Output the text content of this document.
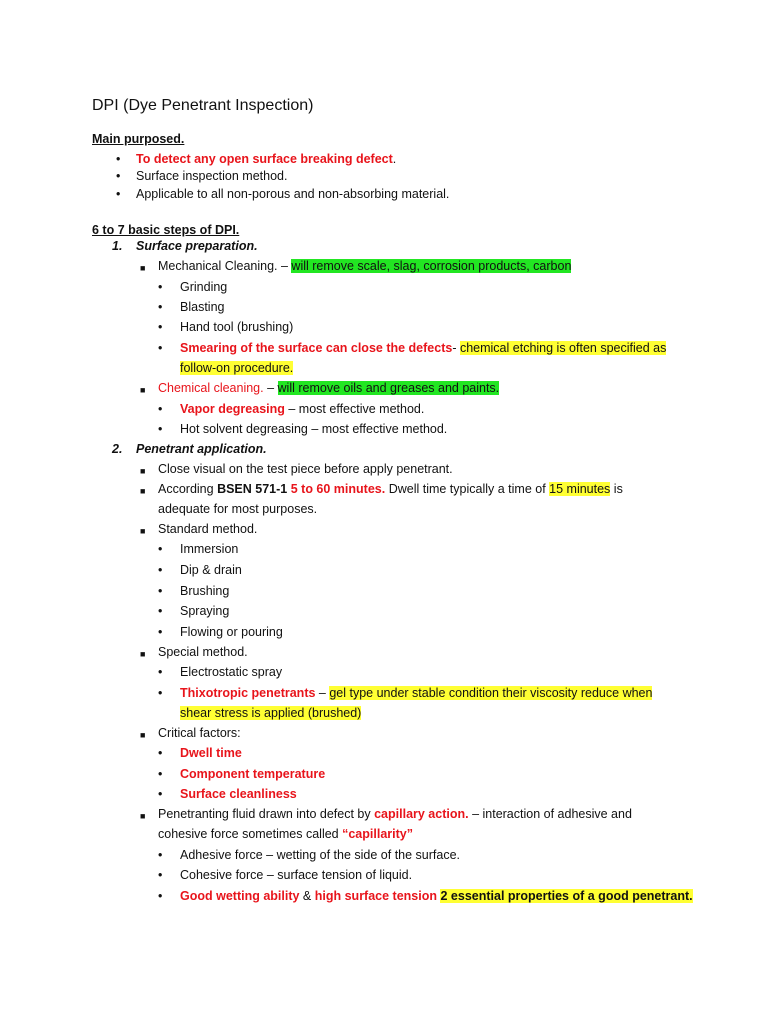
DPI (Dye Penetrant Inspection)
Main purposed.
• To detect any open surface breaking defect.
• Surface inspection method.
• Applicable to all non-porous and non-absorbing material.
6 to 7 basic steps of DPI.
1. Surface preparation.
■ Mechanical Cleaning. – will remove scale, slag, corrosion products, carbon
• Grinding
• Blasting
• Hand tool (brushing)
• Smearing of the surface can close the defects- chemical etching is often specified as
follow-on procedure.
■ Chemical cleaning. – will remove oils and greases and paints.
• Vapor degreasing – most effective method.
• Hot solvent degreasing – most effective method.
2. Penetrant application.
■ Close visual on the test piece before apply penetrant.
■ According BSEN 571-1 5 to 60 minutes. Dwell time typically a time of 15 minutes is
adequate for most purposes.
■ Standard method.
• Immersion
• Dip & drain
• Brushing
• Spraying
• Flowing or pouring
■ Special method.
• Electrostatic spray
• Thixotropic penetrants – gel type under stable condition their viscosity reduce when
shear stress is applied (brushed)
■ Critical factors:
• Dwell time
• Component temperature
• Surface cleanliness
■ Penetranting fluid drawn into defect by capillary action. – interaction of adhesive and
cohesive force sometimes called “capillarity”
• Adhesive force – wetting of the side of the surface.
• Cohesive force – surface tension of liquid.
• Good wetting ability & high surface tension 2 essential properties of a good penetrant.
